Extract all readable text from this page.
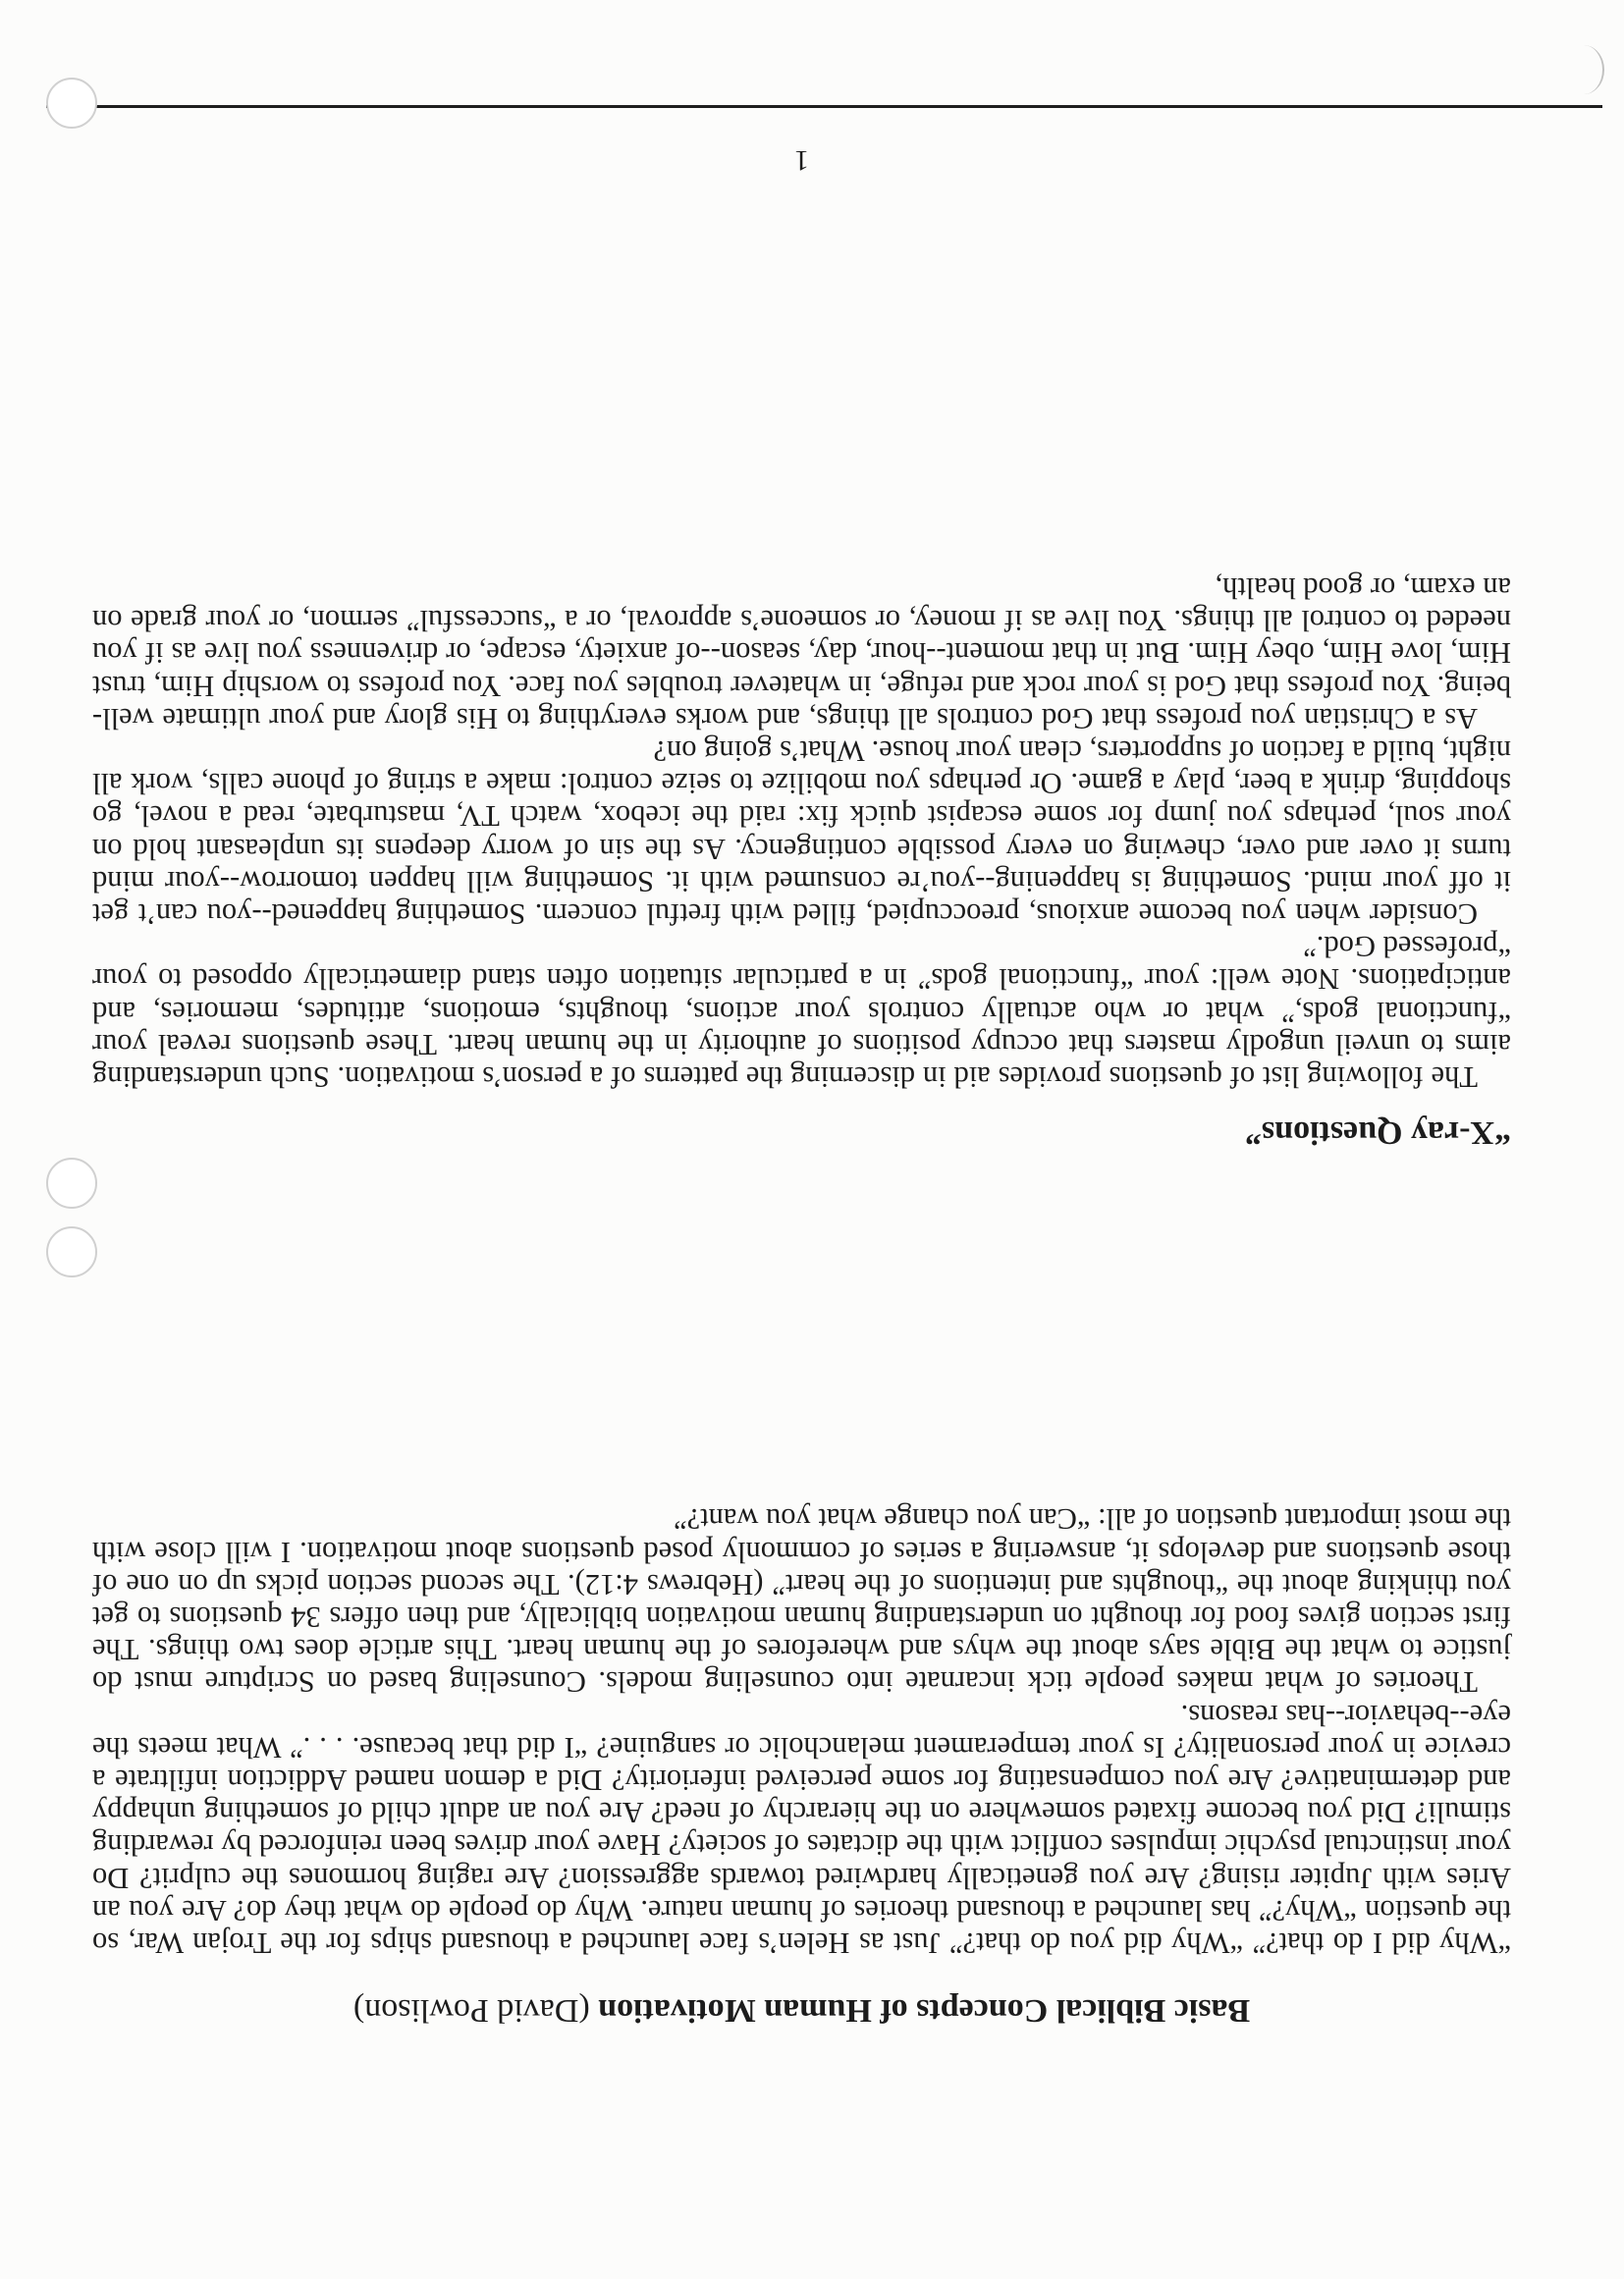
Basic Biblical Concepts of Human Motivation (David Powlison)

“Why did I do that?” “Why did you do that?” Just as Helen’s face launched a thousand ships for the Trojan War, so the question “Why?” has launched a thousand theories of human nature. Why do people do what they do? Are you an Aries with Jupiter rising? Are you genetically hardwired towards aggression? Are raging hormones the culprit? Do your instinctual psychic impulses conflict with the dictates of society? Have your drives been reinforced by rewarding stimuli? Did you become fixated somewhere on the hierarchy of need? Are you an adult child of something unhappy and determinative? Are you compensating for some perceived inferiority? Did a demon named Addiction infiltrate a crevice in your personality? Is your temperament melancholic or sanguine? “I did that because. . . .” What meets the eye--behavior--has reasons.

Theories of what makes people tick incarnate into counseling models. Counseling based on Scripture must do justice to what the Bible says about the whys and wherefores of the human heart. This article does two things. The first section gives food for thought on understanding human motivation biblically, and then offers 34 questions to get you thinking about the “thoughts and intentions of the heart” (Hebrews 4:12). The second section picks up on one of those questions and develops it, answering a series of commonly posed questions about motivation. I will close with the most important question of all: “Can you change what you want?”

“X-ray Questions”

The following list of questions provides aid in discerning the patterns of a person’s motivation. Such understanding aims to unveil ungodly masters that occupy positions of authority in the human heart. These questions reveal your “functional gods,” what or who actually controls your actions, thoughts, emotions, attitudes, memories, and anticipations. Note well: your “functional gods” in a particular situation often stand diametrically opposed to your “professed God.”

Consider when you become anxious, preoccupied, filled with fretful concern. Something happened--you can’t get it off your mind. Something is happening--you’re consumed with it. Something will happen tomorrow--your mind turns it over and over, chewing on every possible contingency. As the sin of worry deepens its unpleasant hold on your soul, perhaps you jump for some escapist quick fix: raid the icebox, watch TV, masturbate, read a novel, go shopping, drink a beer, play a game. Or perhaps you mobilize to seize control: make a string of phone calls, work all night, build a faction of supporters, clean your house. What’s going on?

As a Christian you profess that God controls all things, and works everything to His glory and your ultimate well-being. You profess that God is your rock and refuge, in whatever troubles you face. You profess to worship Him, trust Him, love Him, obey Him. But in that moment--hour, day, season--of anxiety, escape, or drivenness you live as if you needed to control all things. You live as if money, or someone’s approval, or a “successful” sermon, or your grade on an exam, or good health,

1
